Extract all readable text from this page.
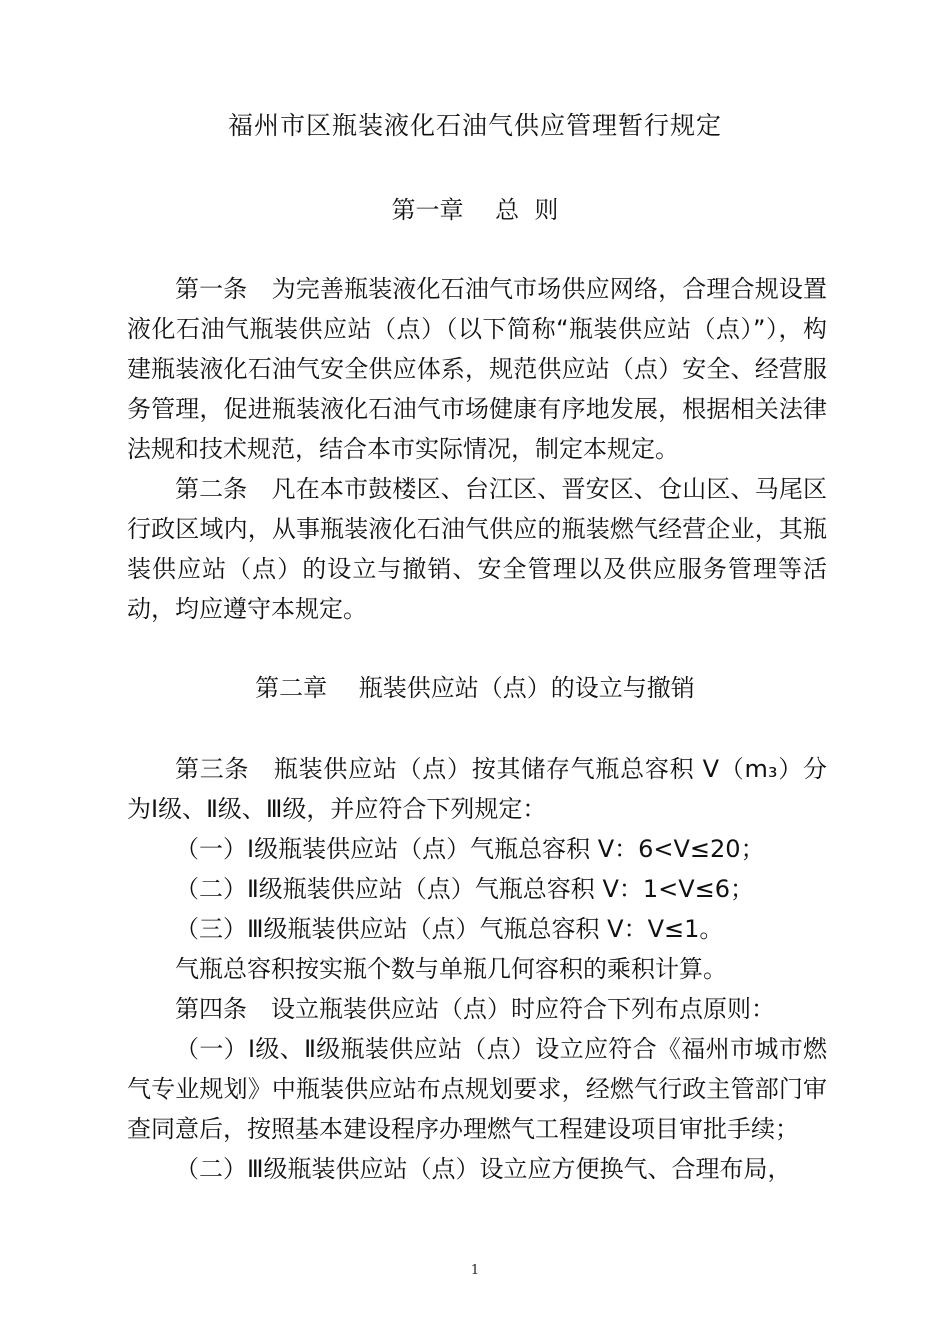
福州市区瓶装液化石油气供应管理暂行规定
第一章　 总  则

第一条　为完善瓶装液化石油气市场供应网络，合理合规设置液化石油气瓶装供应站（点）（以下简称“瓶装供应站（点）”），构建瓶装液化石油气安全供应体系，规范供应站（点）安全、经营服务管理，促进瓶装液化石油气市场健康有序地发展，根据相关法律法规和技术规范，结合本市实际情况，制定本规定。

第二条　凡在本市鼓楼区、台江区、晋安区、仓山区、马尾区行政区域内，从事瓶装液化石油气供应的瓶装燃气经营企业，其瓶装供应站（点）的设立与撤销、安全管理以及供应服务管理等活动，均应遵守本规定。

第二章　 瓶装供应站（点）的设立与撤销

第三条　瓶装供应站（点）按其储存气瓶总容积 V（m₃）分为Ⅰ级、Ⅱ级、Ⅲ级，并应符合下列规定：

（一）Ⅰ级瓶装供应站（点）气瓶总容积 V：6<V≤20；

（二）Ⅱ级瓶装供应站（点）气瓶总容积 V：1<V≤6；

（三）Ⅲ级瓶装供应站（点）气瓶总容积 V：V≤1。

气瓶总容积按实瓶个数与单瓶几何容积的乘积计算。

第四条　设立瓶装供应站（点）时应符合下列布点原则：

（一）Ⅰ级、Ⅱ级瓶装供应站（点）设立应符合《福州市城市燃气专业规划》中瓶装供应站布点规划要求，经燃气行政主管部门审查同意后，按照基本建设程序办理燃气工程建设项目审批手续；

（二）Ⅲ级瓶装供应站（点）设立应方便换气、合理布局，

1
